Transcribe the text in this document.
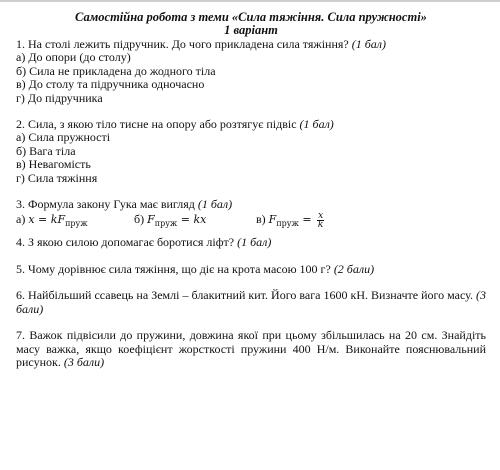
Самостійна робота з теми «Сила тяжіння. Сила пружності»
1 варіант

1. На столі лежить підручник. До чого прикладена сила тяжіння? (1 бал)

а) До опори (до столу)

б) Сила не прикладена до жодного тіла

в) До столу та підручника одночасно

г) До підручника

2. Сила, з якою тіло тисне на опору або розтягує підвіс (1 бал)

а) Сила пружності

б) Вага тіла

в) Невагомість

г) Сила тяжіння

3. Формула закону Гука має вигляд (1 бал)

а) $x = kF_{пруж}$	б) $F_{пруж}$ = kx	в) $F_{пруж} = \frac{x}{k}$

4. З якою силою допомагає боротися ліфт? (1 бал)

5. Чому дорівнює сила тяжіння, що діє на крота масою 100 г? (2 бали)

6. Найбільший ссавець на Землі – блакитний кит. Його вага 1600 кН. Визначте його масу. (3 бали)

7. Важок підвісили до пружини, довжина якої при цьому збільшилась на 20 см. Знайдіть масу важка, якщо коефіцієнт жорсткості пружини 400 Н/м. Виконайте пояснювальний рисунок. (3 бали)
